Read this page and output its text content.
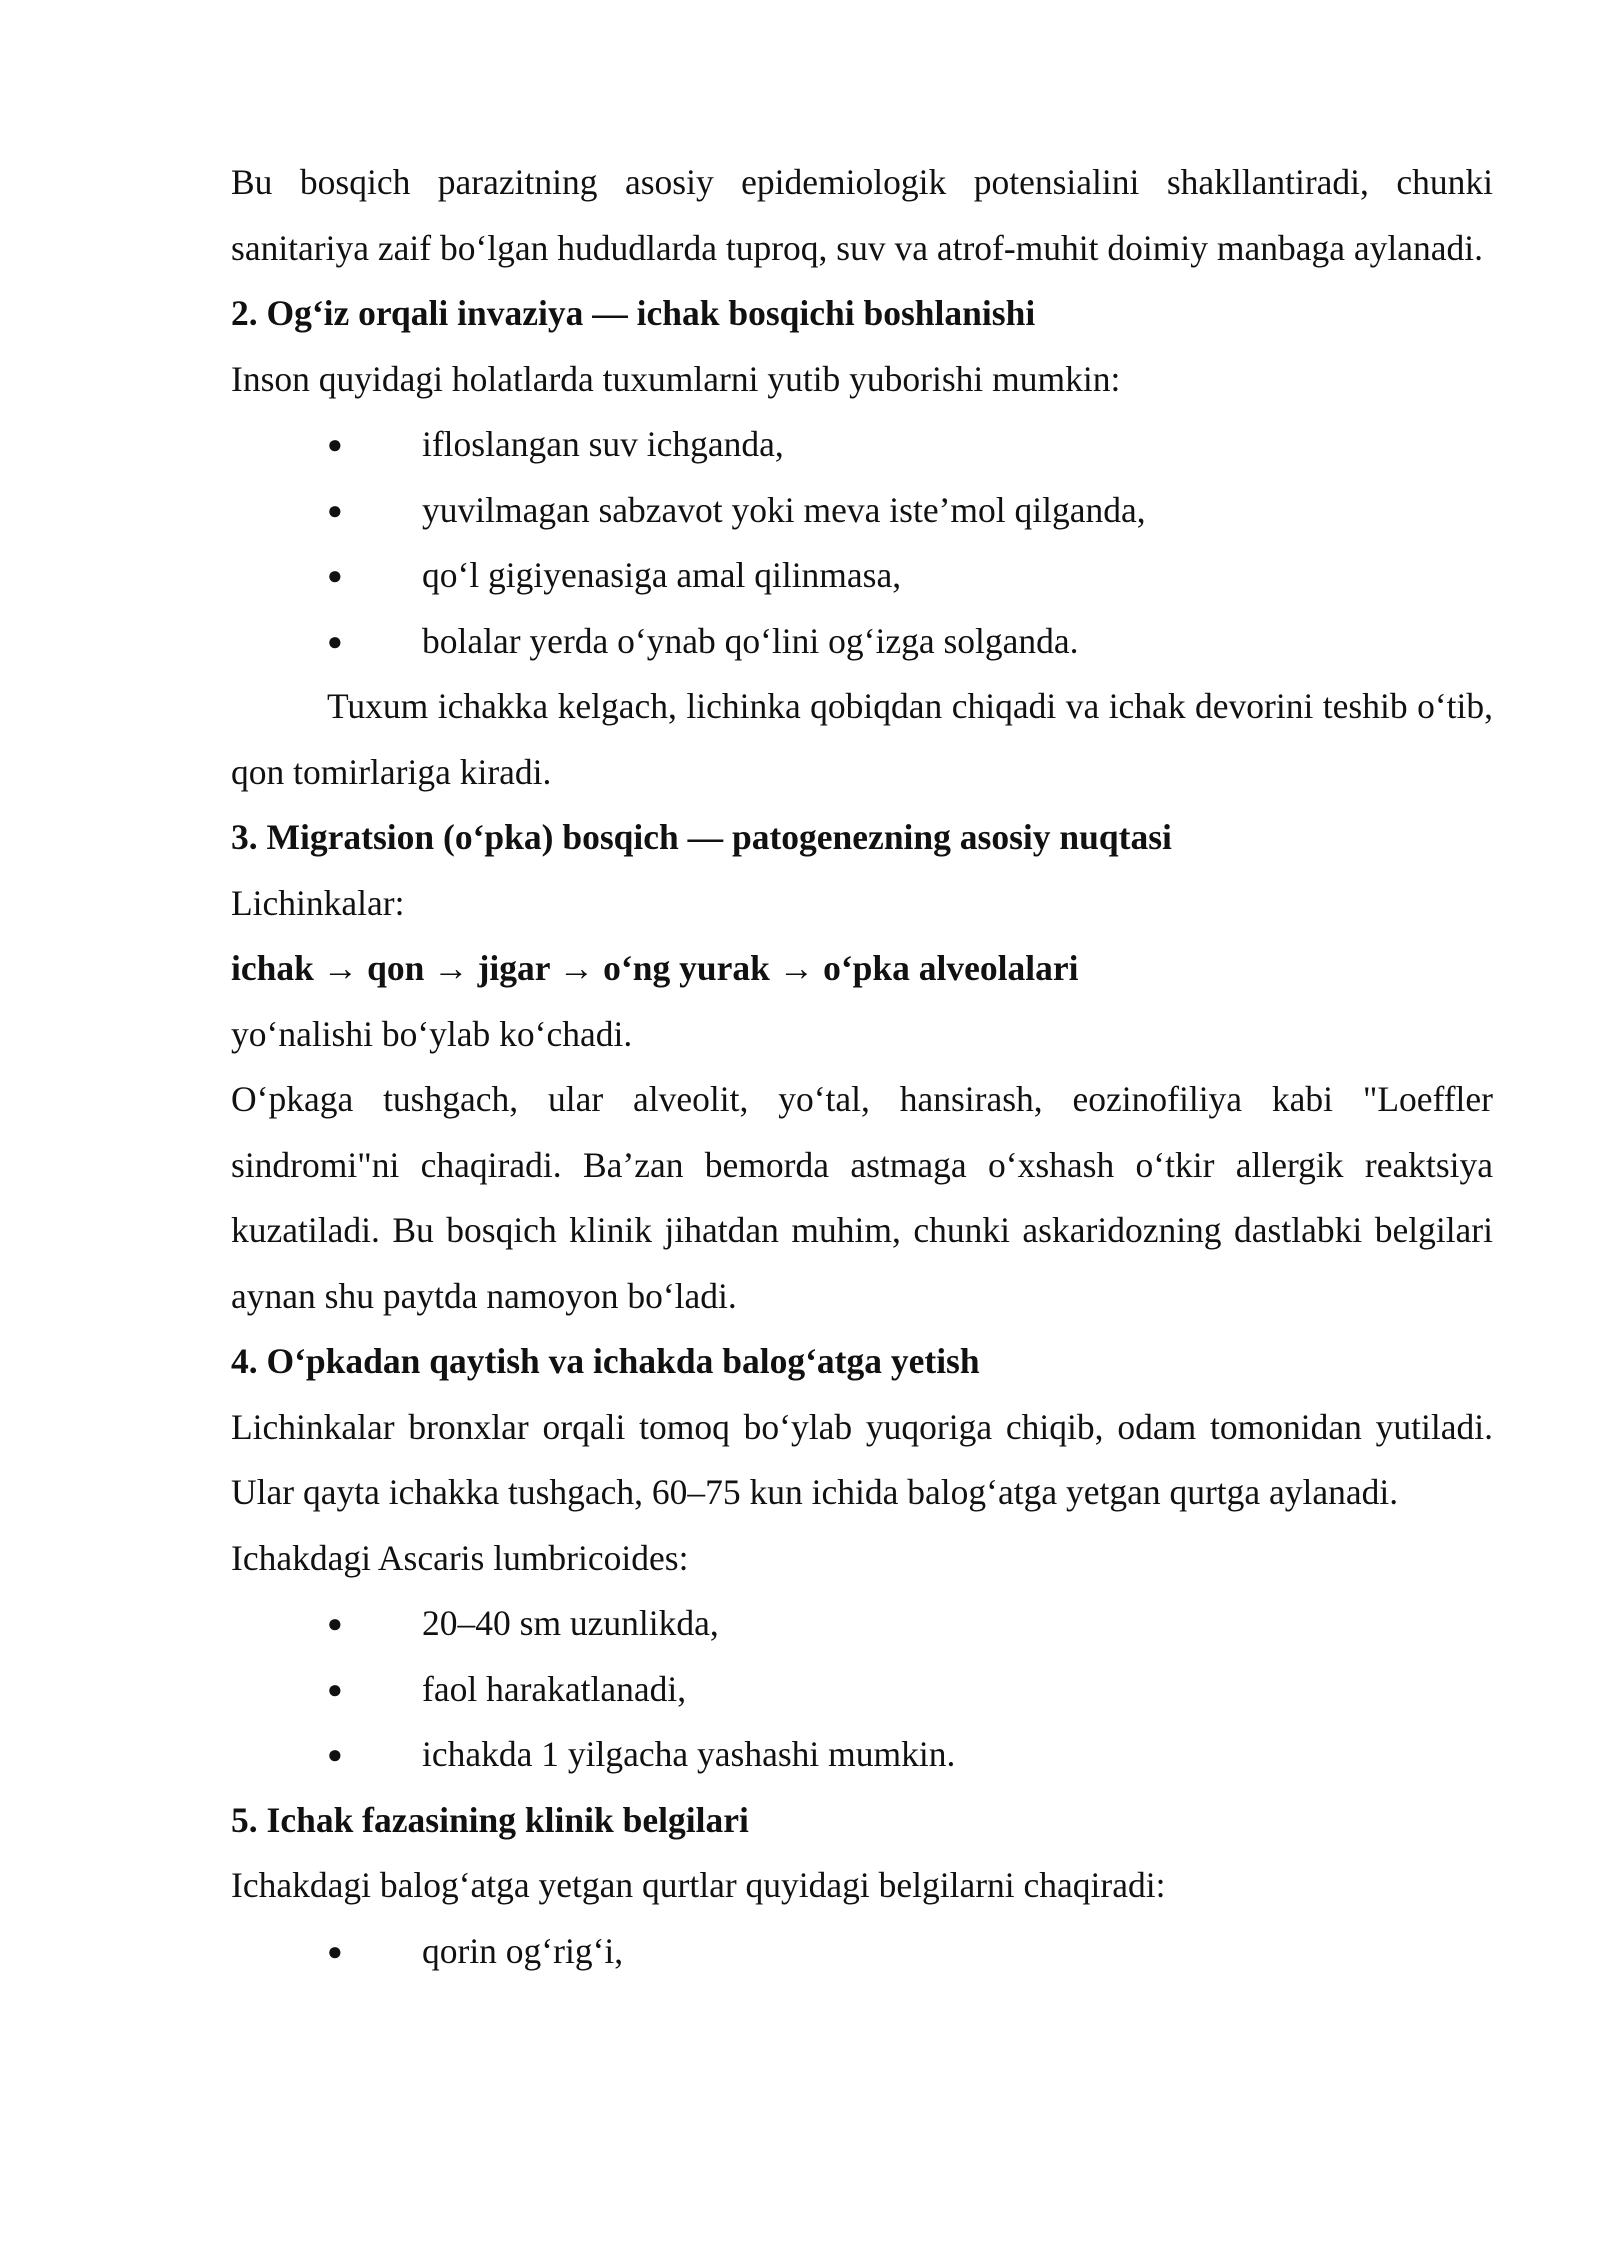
Bu bosqich parazitning asosiy epidemiologik potensialini shakllantiradi, chunki sanitariya zaif bo‘lgan hududlarda tuproq, suv va atrof-muhit doimiy manbaga aylanadi.

2. Og‘iz orqali invaziya — ichak bosqichi boshlanishi

Inson quyidagi holatlarda tuxumlarni yutib yuborishi mumkin:

● ifloslangan suv ichganda,
● yuvilmagan sabzavot yoki meva iste’mol qilganda,
● qo‘l gigiyenasiga amal qilinmasa,
● bolalar yerda o‘ynab qo‘lini og‘izga solganda.

Tuxum ichakka kelgach, lichinka qobiqdan chiqadi va ichak devorini teshib o‘tib, qon tomirlariga kiradi.

3. Migratsion (o‘pka) bosqich — patogenezning asosiy nuqtasi

Lichinkalar:

ichak → qon → jigar → o‘ng yurak → o‘pka alveolalari

yo‘nalishi bo‘ylab ko‘chadi.

O‘pkaga tushgach, ular alveolit, yo‘tal, hansirash, eozinofiliya kabi "Loeffler sindromi"ni chaqiradi. Ba’zan bemorda astmaga o‘xshash o‘tkir allergik reaktsiya kuzatiladi. Bu bosqich klinik jihatdan muhim, chunki askaridozning dastlabki belgilari aynan shu paytda namoyon bo‘ladi.

4. O‘pkadan qaytish va ichakda balog‘atga yetish

Lichinkalar bronxlar orqali tomoq bo‘ylab yuqoriga chiqib, odam tomonidan yutiladi. Ular qayta ichakka tushgach, 60–75 kun ichida balog‘atga yetgan qurtga aylanadi.

Ichakdagi Ascaris lumbricoides:

● 20–40 sm uzunlikda,
● faol harakatlanadi,
● ichakda 1 yilgacha yashashi mumkin.

5. Ichak fazasining klinik belgilari

Ichakdagi balog‘atga yetgan qurtlar quyidagi belgilarni chaqiradi:

● qorin og‘rig‘i,
